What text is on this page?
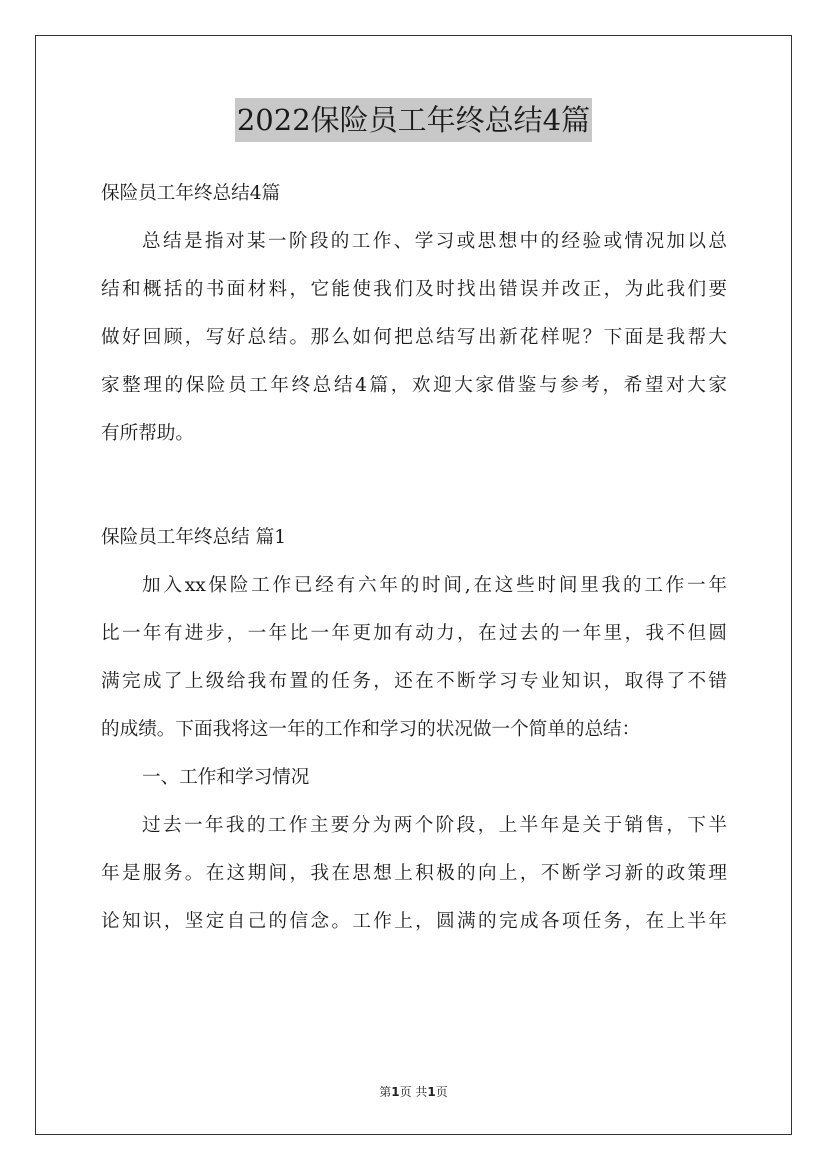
2022保险员工年终总结4篇
保险员工年终总结4篇
总结是指对某一阶段的工作、学习或思想中的经验或情况加以总
结和概括的书面材料，它能使我们及时找出错误并改正，为此我们要
做好回顾，写好总结。那么如何把总结写出新花样呢？下面是我帮大
家整理的保险员工年终总结4篇，欢迎大家借鉴与参考，希望对大家
有所帮助。
保险员工年终总结 篇1
加入xx保险工作已经有六年的时间,在这些时间里我的工作一年
比一年有进步，一年比一年更加有动力，在过去的一年里，我不但圆
满完成了上级给我布置的任务，还在不断学习专业知识，取得了不错
的成绩。下面我将这一年的工作和学习的状况做一个简单的总结：
一、工作和学习情况
过去一年我的工作主要分为两个阶段，上半年是关于销售，下半
年是服务。在这期间，我在思想上积极的向上，不断学习新的政策理
论知识，坚定自己的信念。工作上，圆满的完成各项任务，在上半年
第1页 共1页
